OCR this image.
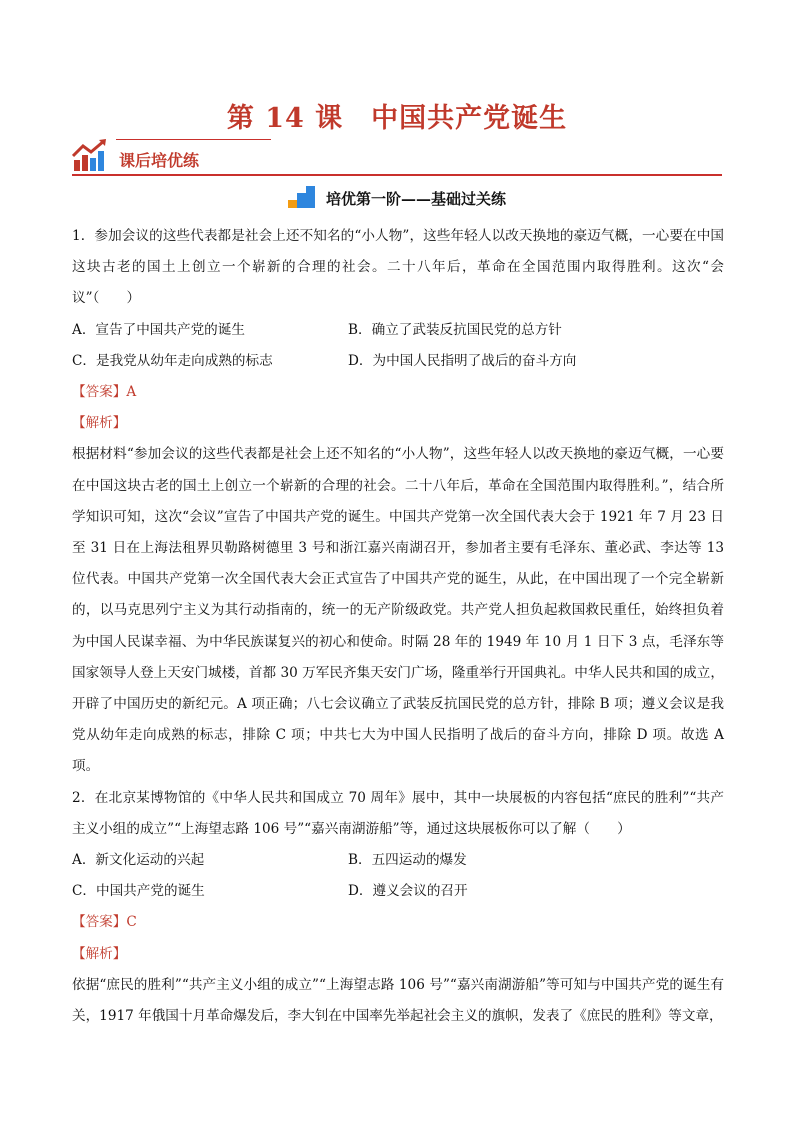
第 14 课　中国共产党诞生
课后培优练
培优第一阶——基础过关练

1．参加会议的这些代表都是社会上还不知名的“小人物”，这些年轻人以改天换地的豪迈气概，一心要在中国这块古老的国土上创立一个崭新的合理的社会。二十八年后，革命在全国范围内取得胜利。这次“会议”（　　）

A．宣告了中国共产党的诞生	B．确立了武装反抗国民党的总方针
C．是我党从幼年走向成熟的标志	D．为中国人民指明了战后的奋斗方向

【答案】A

【解析】

根据材料“参加会议的这些代表都是社会上还不知名的“小人物”，这些年轻人以改天换地的豪迈气概，一心要在中国这块古老的国土上创立一个崭新的合理的社会。二十八年后，革命在全国范围内取得胜利。”，结合所学知识可知，这次“会议”宣告了中国共产党的诞生。中国共产党第一次全国代表大会于 1921 年 7 月 23 日至 31 日在上海法租界贝勒路树德里 3 号和浙江嘉兴南湖召开，参加者主要有毛泽东、董必武、李达等 13 位代表。中国共产党第一次全国代表大会正式宣告了中国共产党的诞生，从此，在中国出现了一个完全崭新的，以马克思列宁主义为其行动指南的，统一的无产阶级政党。共产党人担负起救国救民重任，始终担负着为中国人民谋幸福、为中华民族谋复兴的初心和使命。时隔 28 年的 1949 年 10 月 1 日下 3 点，毛泽东等国家领导人登上天安门城楼，首都 30 万军民齐集天安门广场，隆重举行开国典礼。中华人民共和国的成立，开辟了中国历史的新纪元。A 项正确；八七会议确立了武装反抗国民党的总方针，排除 B 项；遵义会议是我党从幼年走向成熟的标志，排除 C 项；中共七大为中国人民指明了战后的奋斗方向，排除 D 项。故选 A 项。

2．在北京某博物馆的《中华人民共和国成立 70 周年》展中，其中一块展板的内容包括“庶民的胜利”“共产主义小组的成立”“上海望志路 106 号”“嘉兴南湖游船”等，通过这块展板你可以了解（　　）

A．新文化运动的兴起	B．五四运动的爆发
C．中国共产党的诞生	D．遵义会议的召开

【答案】C

【解析】

依据“庶民的胜利”“共产主义小组的成立”“上海望志路 106 号”“嘉兴南湖游船”等可知与中国共产党的诞生有关，1917 年俄国十月革命爆发后，李大钊在中国率先举起社会主义的旗帜，发表了《庶民的胜利》等文章，
